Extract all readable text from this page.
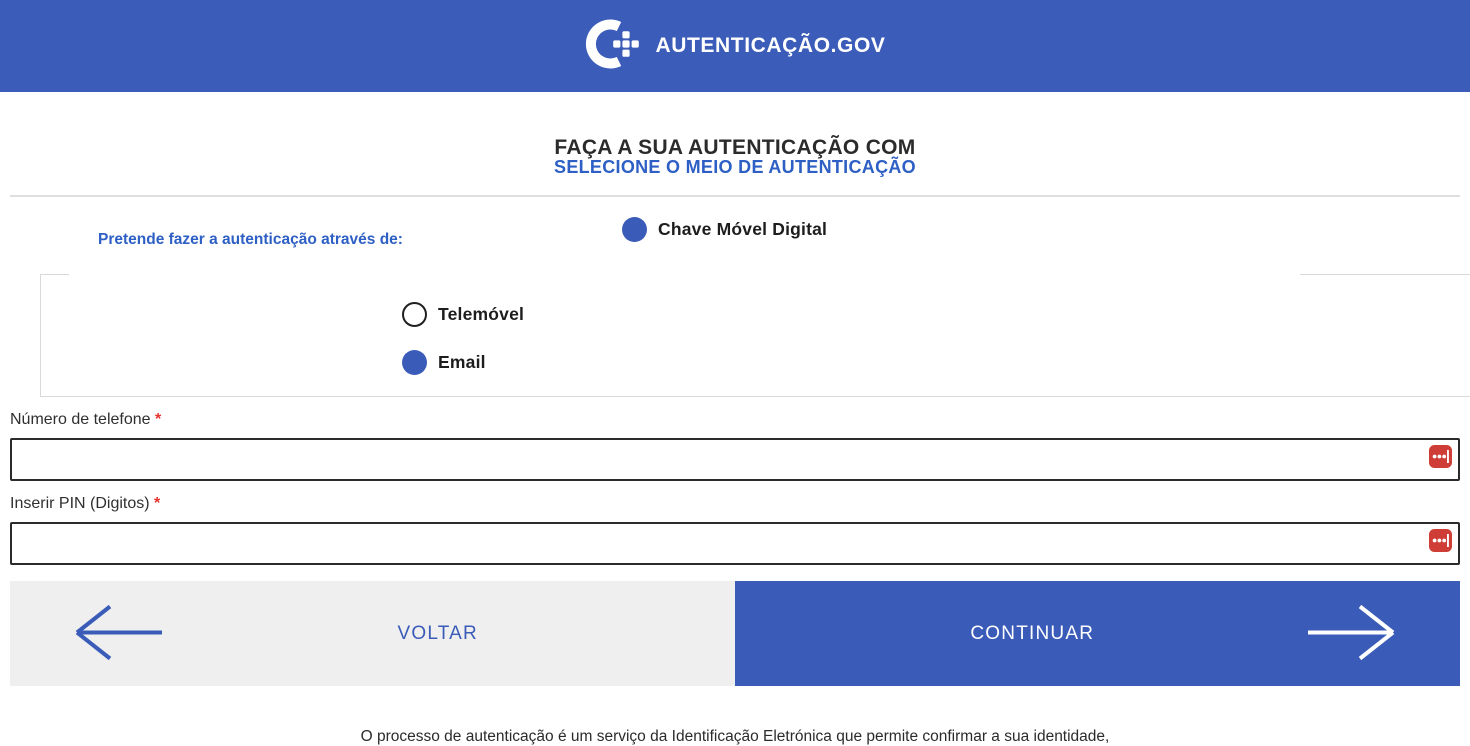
AUTENTICAÇÃO.GOV
FAÇA A SUA AUTENTICAÇÃO COM
SELECIONE O MEIO DE AUTENTICAÇÃO
Pretende fazer a autenticação através de:
Chave Móvel Digital
Telemóvel
Email
Número de telefone *
Inserir PIN (Digitos) *
VOLTAR	CONTINUAR

O processo de autenticação é um serviço da Identificação Eletrónica que permite confirmar a sua identidade,
